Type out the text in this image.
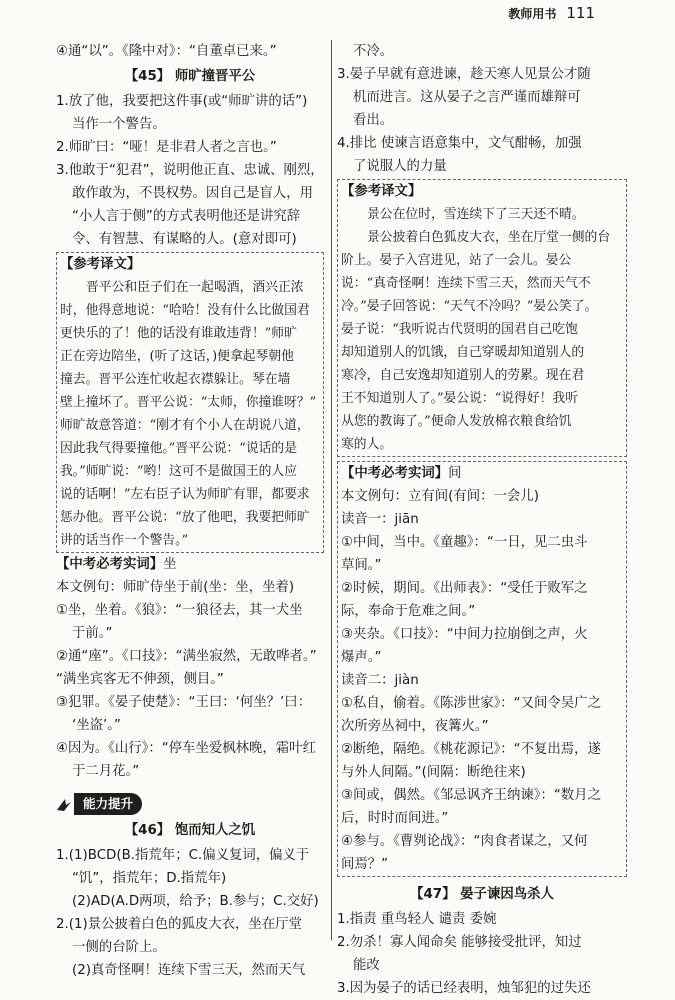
教师用书 111

④通“以”。《隆中对》：“自董卓已来。”

【45】 师旷撞晋平公

1.放了他，我要把这件事(或“师旷讲的话”)

当作一个警告。

2.师旷曰：“哑！是非君人者之言也。”

3.他敢于“犯君”，说明他正直、忠诚、刚烈，

敢作敢为，不畏权势。因自己是盲人，用

“小人言于侧”的方式表明他还是讲究辞

令、有智慧、有谋略的人。(意对即可)

【参考译文】

晋平公和臣子们在一起喝酒，酒兴正浓

时，他得意地说：“哈哈！没有什么比做国君

更快乐的了！他的话没有谁敢违背！”师旷

正在旁边陪坐，(听了这话，)便拿起琴朝他

撞去。晋平公连忙收起衣襟躲让。琴在墙

壁上撞坏了。晋平公说：“太师，你撞谁呀？”

师旷故意答道：“刚才有个小人在胡说八道，

因此我气得要撞他。”晋平公说：“说话的是

我。”师旷说：“哟！这可不是做国王的人应

说的话啊！”左右臣子认为师旷有罪，都要求

惩办他。晋平公说：“放了他吧，我要把师旷

讲的话当作一个警告。”

【中考必考实词】坐

本文例句：师旷侍坐于前(坐：坐，坐着)

①坐，坐着。《狼》：“一狼径去，其一犬坐

于前。”

②通“座”。《口技》：“满坐寂然，无敢哗者。”

“满坐宾客无不伸颈，侧目。”

③犯罪。《晏子使楚》：“王曰：‘何坐？’曰：

‘坐盗’。”

④因为。《山行》：“停车坐爱枫林晚，霜叶红

于二月花。”

能力提升

【46】 饱而知人之饥

1.(1)BCD(B.指荒年；C.偏义复词，偏义于

“饥”，指荒年；D.指荒年)

(2)AD(A.D两项，给予；B.参与；C.交好)

2.(1)景公披着白色的狐皮大衣，坐在厅堂

一侧的台阶上。

(2)真奇怪啊！连续下雪三天，然而天气

不冷。

3.晏子早就有意进谏，趁天寒人见景公才随

机而进言。这从晏子之言严谨而雄辩可

看出。

4.排比 使谏言语意集中，文气酣畅，加强

了说服人的力量

【参考译文】

景公在位时，雪连续下了三天还不晴。

景公披着白色狐皮大衣，坐在厅堂一侧的台

阶上。晏子入宫进见，站了一会儿。晏公

说：“真奇怪啊！连续下雪三天，然而天气不

冷。”晏子回答说：“天气不冷吗？”晏公笑了。

晏子说：“我听说古代贤明的国君自己吃饱

却知道别人的饥饿，自己穿暖却知道别人的

寒冷，自己安逸却知道别人的劳累。现在君

王不知道别人了。”晏公说：“说得好！我听

从您的教诲了。”便命人发放棉衣粮食给饥

寒的人。

【中考必考实词】间

本文例句：立有间(有间：一会儿)

读音一：jiān

①中间，当中。《童趣》：“一日，见二虫斗

草间。”

②时候，期间。《出师表》：“受任于败军之

际，奉命于危难之间。”

③夹杂。《口技》：“中间力拉崩倒之声，火

爆声。”

读音二：jiàn

①私自，偷着。《陈涉世家》：“又间令吴广之

次所旁丛祠中，夜篝火。”

②断绝，隔绝。《桃花源记》：“不复出焉，遂

与外人间隔。”(间隔：断绝往来)

③间或，偶然。《邹忌讽齐王纳谏》：“数月之

后，时时而间进。”

④参与。《曹刿论战》：“肉食者谋之，又何

间焉？”

【47】 晏子谏因鸟杀人

1.指责 重鸟轻人 谴责 委婉

2.勿杀！寡人闻命矣 能够接受批评，知过

能改

3.因为晏子的话已经表明，烛邹犯的过失还
